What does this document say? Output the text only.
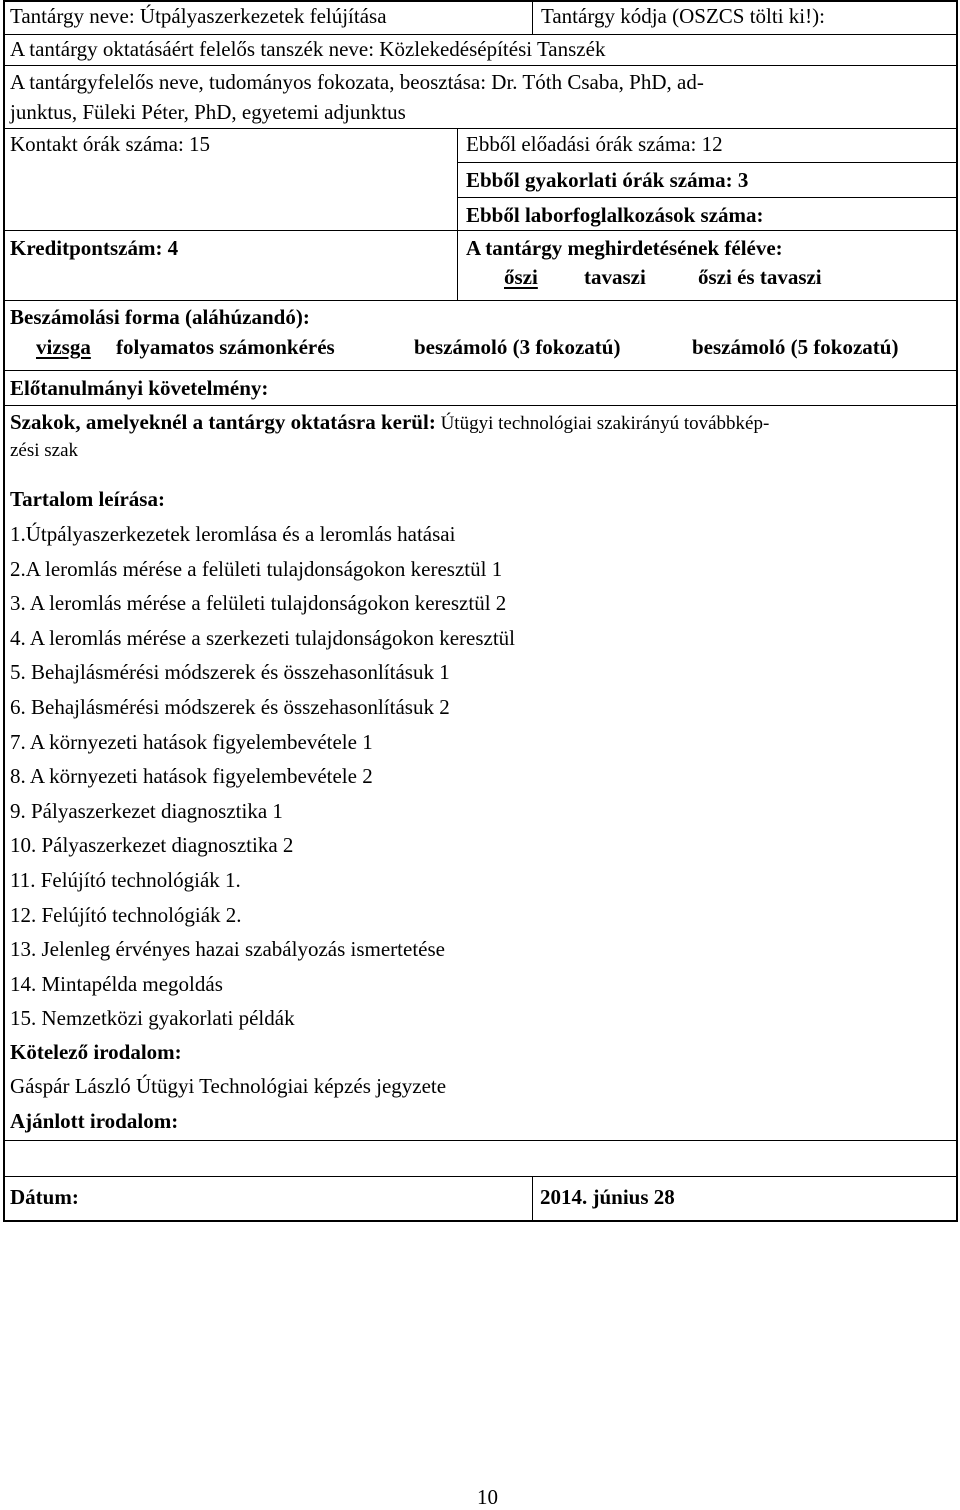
Tantárgy neve: Útpályaszerkezetek felújítása	Tantárgy kódja (OSZCS tölti ki!):
A tantárgy oktatásáért felelős tanszék neve: Közlekedésépítési Tanszék
A tantárgyfelelős neve, tudományos fokozata, beosztása: Dr. Tóth Csaba, PhD, ad-
junktus, Füleki Péter, PhD, egyetemi adjunktus
Kontakt órák száma: 15	Ebből előadási órák száma: 12
Ebből gyakorlati órák száma: 3
Ebből laborfoglalkozások száma:
Kreditpontszám: 4	A tantárgy meghirdetésének féléve:
őszi tavaszi őszi és tavaszi
Beszámolási forma (aláhúzandó):
vizsga folyamatos számonkérés	beszámoló (3 fokozatú)	beszámoló (5 fokozatú)
Előtanulmányi követelmény:
Szakok, amelyeknél a tantárgy oktatásra kerül: Útügyi technológiai szakirányú továbbkép-
zési szak
Tartalom leírása:
1.Útpályaszerkezetek leromlása és a leromlás hatásai
2.A leromlás mérése a felületi tulajdonságokon keresztül 1
3. A leromlás mérése a felületi tulajdonságokon keresztül 2
4. A leromlás mérése a szerkezeti tulajdonságokon keresztül
5. Behajlásmérési módszerek és összehasonlításuk 1
6. Behajlásmérési módszerek és összehasonlításuk 2
7. A környezeti hatások figyelembevétele 1
8. A környezeti hatások figyelembevétele 2
9. Pályaszerkezet diagnosztika 1
10. Pályaszerkezet diagnosztika 2
11. Felújító technológiák 1.
12. Felújító technológiák 2.
13. Jelenleg érvényes hazai szabályozás ismertetése
14. Mintapélda megoldás
15. Nemzetközi gyakorlati példák
Kötelező irodalom:
Gáspár László Útügyi Technológiai képzés jegyzete
Ajánlott irodalom:
Dátum:	2014. június 28
10
